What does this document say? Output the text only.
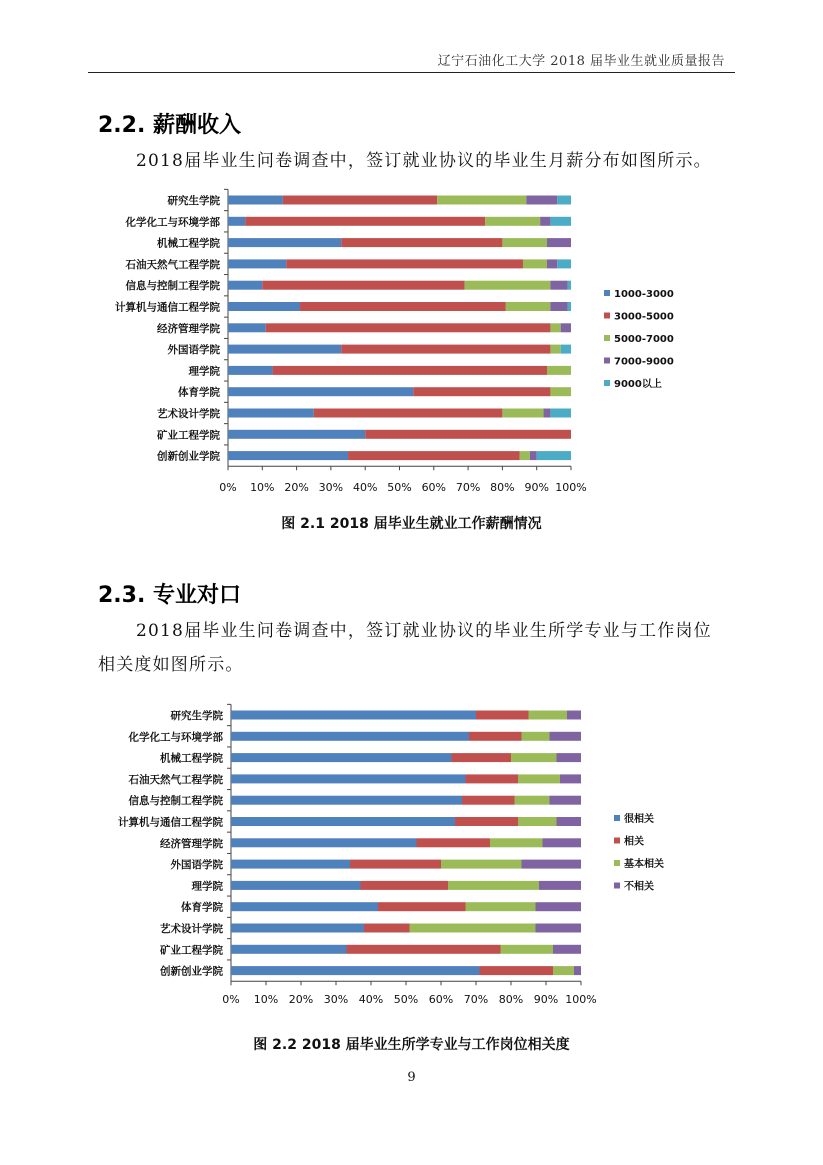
辽宁石油化工大学 2018 届毕业生就业质量报告
2.2. 薪酬收入
2018届毕业生问卷调查中，签订就业协议的毕业生月薪分布如图所示。
0% 10% 20% 30% 40% 50% 60% 70% 80% 90% 100%
研究生学院
化学化工与环境学部
机械工程学院
石油天然气工程学院
信息与控制工程学院
计算机与通信工程学院
经济管理学院
外国语学院
理学院
体育学院
艺术设计学院
矿业工程学院
创新创业学院
1000-3000
3000-5000
5000-7000
7000-9000
9000以上
图 2.1 2018 届毕业生就业工作薪酬情况
2.3. 专业对口
2018届毕业生问卷调查中，签订就业协议的毕业生所学专业与工作岗位相关度如图所示。
0% 10% 20% 30% 40% 50% 60% 70% 80% 90% 100%
研究生学院
化学化工与环境学部
机械工程学院
石油天然气工程学院
信息与控制工程学院
计算机与通信工程学院
经济管理学院
外国语学院
理学院
体育学院
艺术设计学院
矿业工程学院
创新创业学院
很相关
相关
基本相关
不相关
图 2.2 2018 届毕业生所学专业与工作岗位相关度
9
